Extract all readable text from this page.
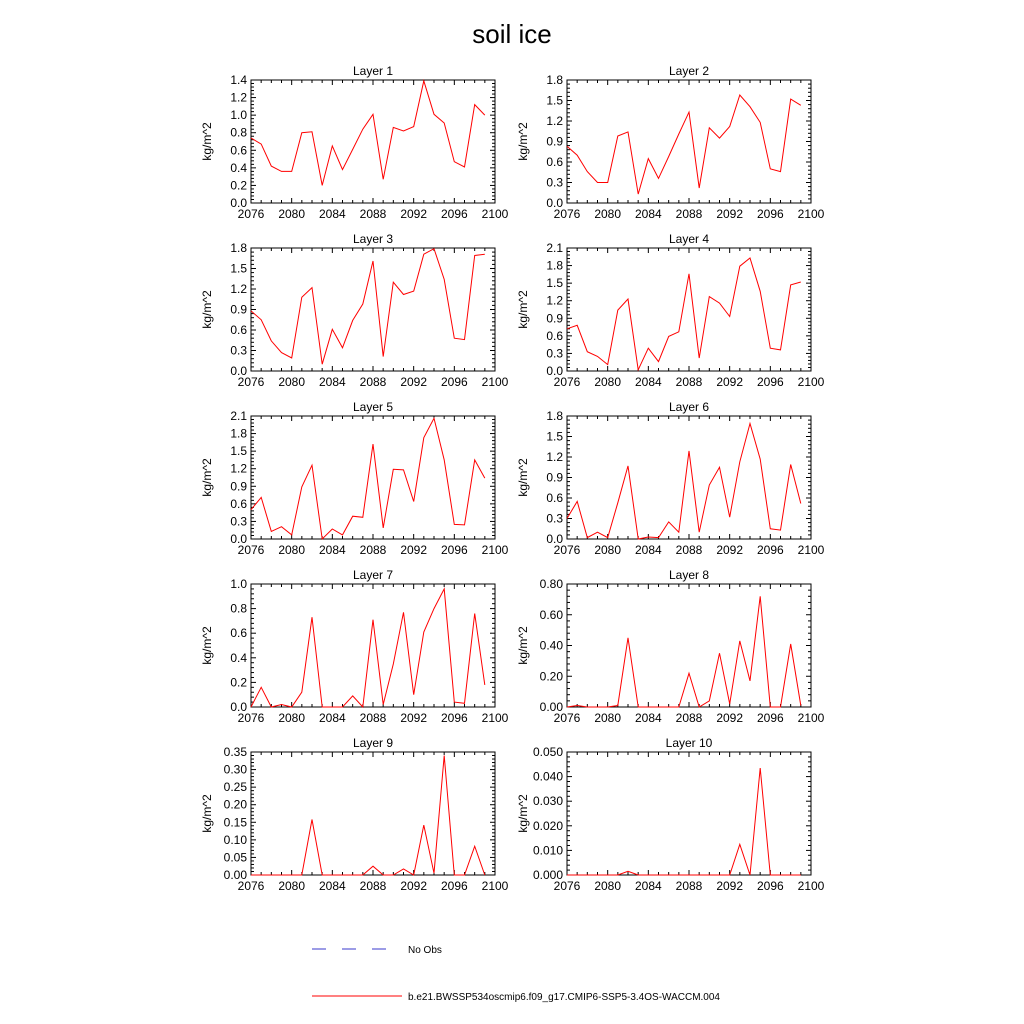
soil ice
Layer 1
2076 2080 2084 2088 2092 2096 2100
0.0
0.2
0.4
0.6
0.8
1.0
1.2
1.4
kg/m^2
Layer 2
2076 2080 2084 2088 2092 2096 2100
0.0
0.3
0.6
0.9
1.2
1.5
1.8
kg/m^2
Layer 3
2076 2080 2084 2088 2092 2096 2100
0.0
0.3
0.6
0.9
1.2
1.5
1.8
kg/m^2
Layer 4
2076 2080 2084 2088 2092 2096 2100
0.0
0.3
0.6
0.9
1.2
1.5
1.8
2.1
kg/m^2
Layer 5
2076 2080 2084 2088 2092 2096 2100
0.0
0.3
0.6
0.9
1.2
1.5
1.8
2.1
kg/m^2
Layer 6
2076 2080 2084 2088 2092 2096 2100
0.0
0.3
0.6
0.9
1.2
1.5
1.8
kg/m^2
Layer 7
2076 2080 2084 2088 2092 2096 2100
0.0
0.2
0.4
0.6
0.8
1.0
kg/m^2
Layer 8
2076 2080 2084 2088 2092 2096 2100
0.00
0.20
0.40
0.60
0.80
kg/m^2
Layer 9
2076 2080 2084 2088 2092 2096 2100
0.00
0.05
0.10
0.15
0.20
0.25
0.30
0.35
kg/m^2
Layer 10
2076 2080 2084 2088 2092 2096 2100
0.000
0.010
0.020
0.030
0.040
0.050
kg/m^2
No Obs
b.e21.BWSSP534oscmip6.f09_g17.CMIP6-SSP5-3.4OS-WACCM.004
